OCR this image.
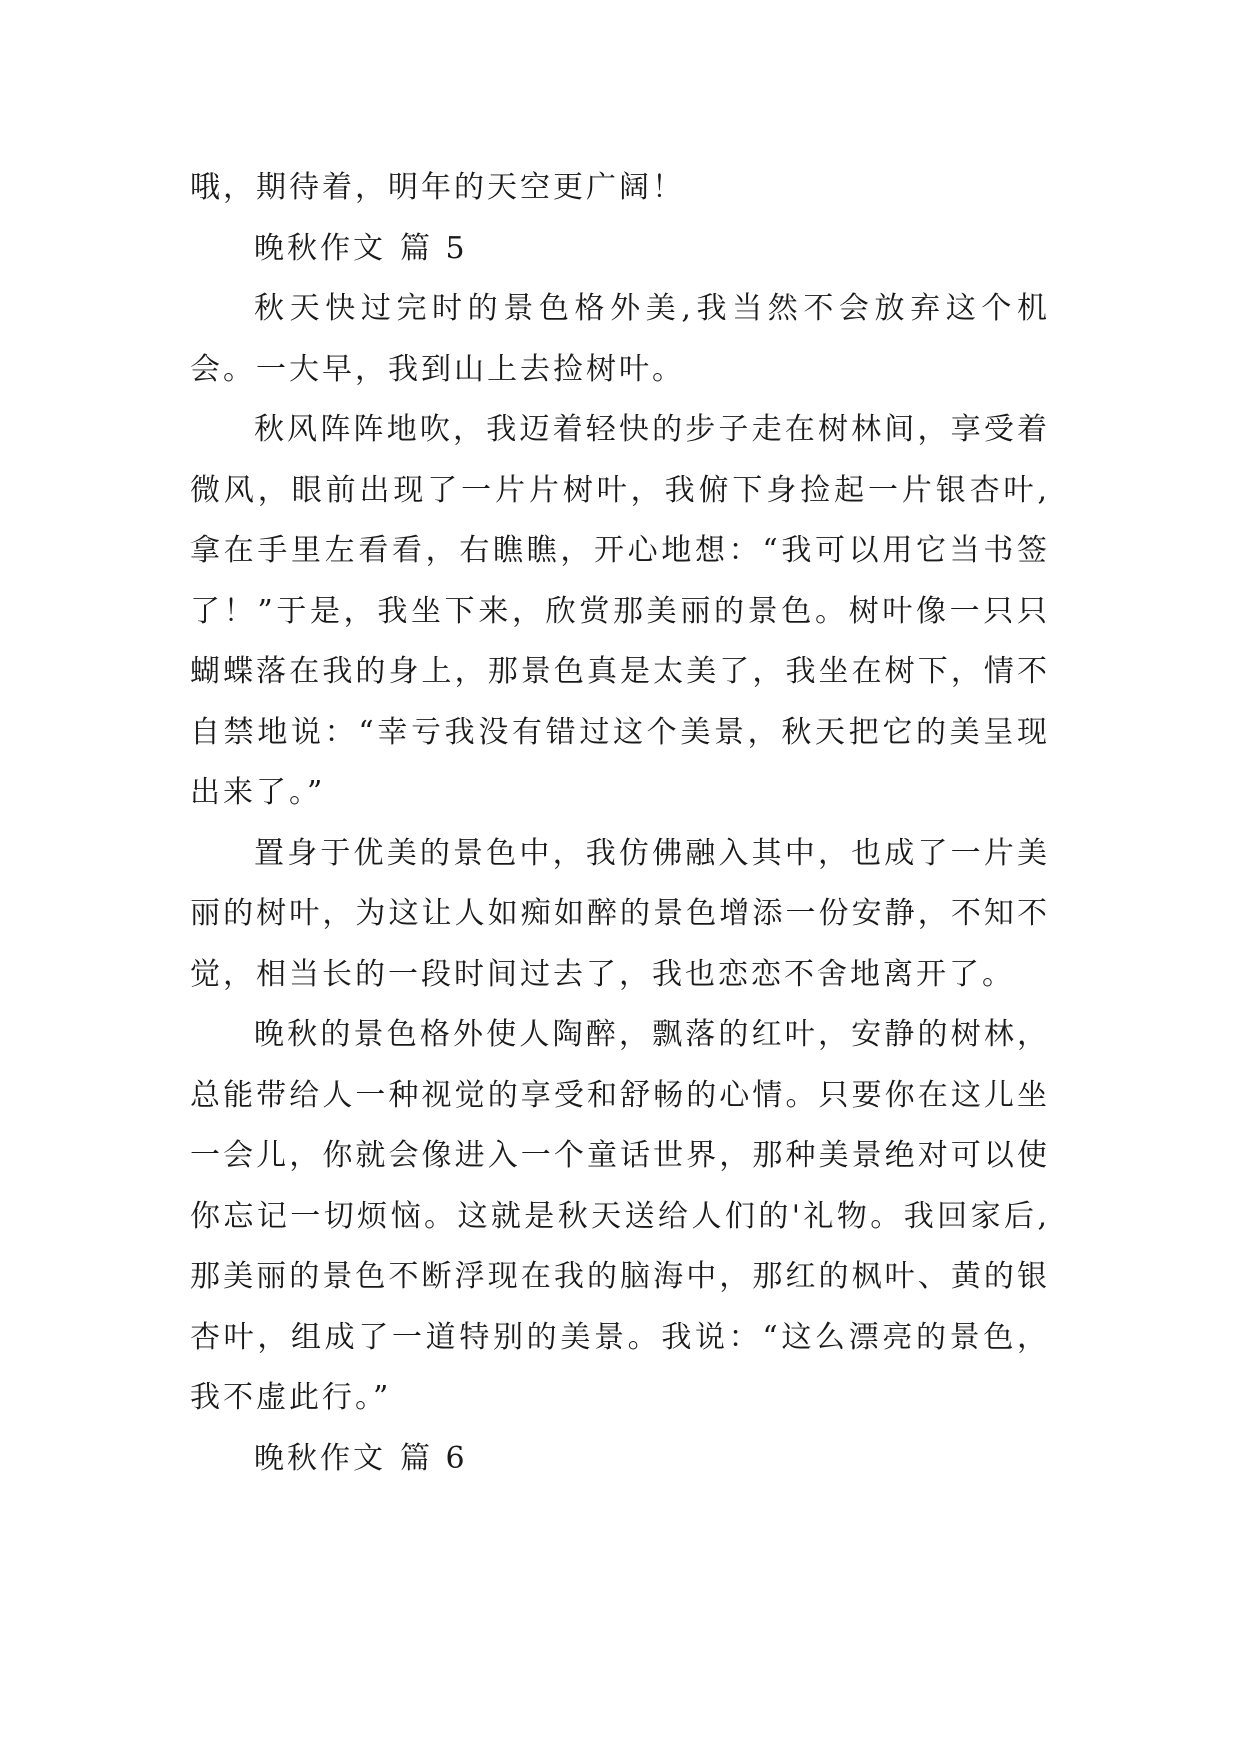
哦，期待着，明年的天空更广阔！

晚秋作文 篇 5

秋天快过完时的景色格外美,我当然不会放弃这个机会。一大早，我到山上去捡树叶。

秋风阵阵地吹，我迈着轻快的步子走在树林间，享受着微风，眼前出现了一片片树叶，我俯下身捡起一片银杏叶,拿在手里左看看，右瞧瞧，开心地想：“我可以用它当书签了！”于是，我坐下来，欣赏那美丽的景色。树叶像一只只蝴蝶落在我的身上，那景色真是太美了，我坐在树下，情不自禁地说：“幸亏我没有错过这个美景，秋天把它的美呈现出来了。”

置身于优美的景色中，我仿佛融入其中，也成了一片美丽的树叶，为这让人如痴如醉的景色增添一份安静，不知不觉，相当长的一段时间过去了，我也恋恋不舍地离开了。

晚秋的景色格外使人陶醉，飘落的红叶，安静的树林，总能带给人一种视觉的享受和舒畅的心情。只要你在这儿坐一会儿，你就会像进入一个童话世界，那种美景绝对可以使你忘记一切烦恼。这就是秋天送给人们的'礼物。我回家后,那美丽的景色不断浮现在我的脑海中，那红的枫叶、黄的银杏叶，组成了一道特别的美景。我说：“这么漂亮的景色，我不虚此行。”

晚秋作文 篇 6
